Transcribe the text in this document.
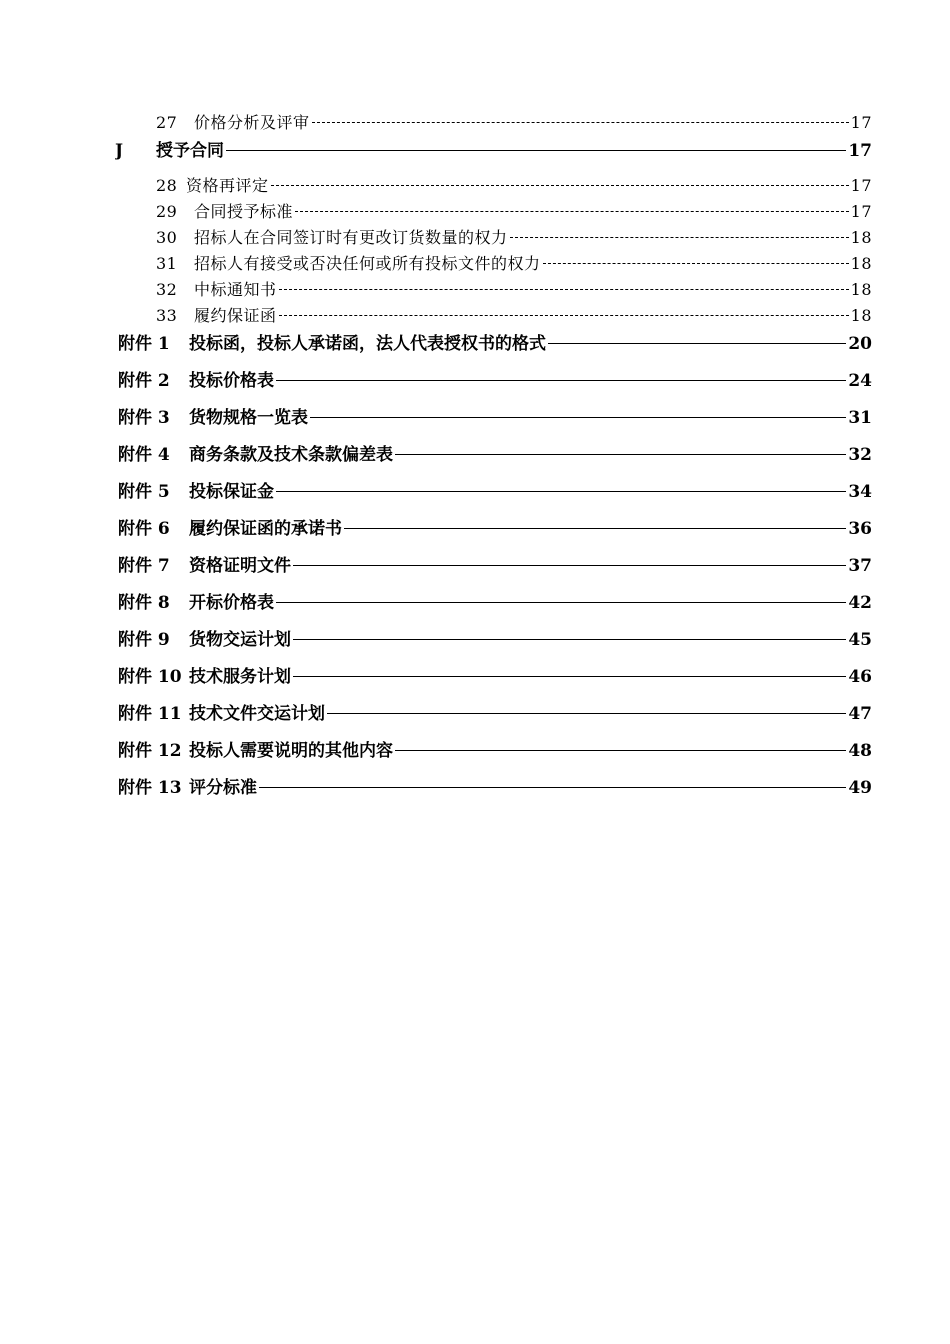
27	价格分析及评审	17
J	授予合同	17
28 资格再评定	17
29	合同授予标准	17
30	招标人在合同签订时有更改订货数量的权力	18
31	招标人有接受或否决任何或所有投标文件的权力	18
32	中标通知书	18
33	履约保证函	18
附件 1	投标函，投标人承诺函，法人代表授权书的格式	20
附件 2	投标价格表	24
附件 3	货物规格一览表	31
附件 4	商务条款及技术条款偏差表	32
附件 5	投标保证金	34
附件 6	履约保证函的承诺书	36
附件 7	资格证明文件	37
附件 8	开标价格表	42
附件 9	货物交运计划	45
附件 10 技术服务计划	46
附件 11 技术文件交运计划	47
附件 12 投标人需要说明的其他内容	48
附件 13 评分标准	49
